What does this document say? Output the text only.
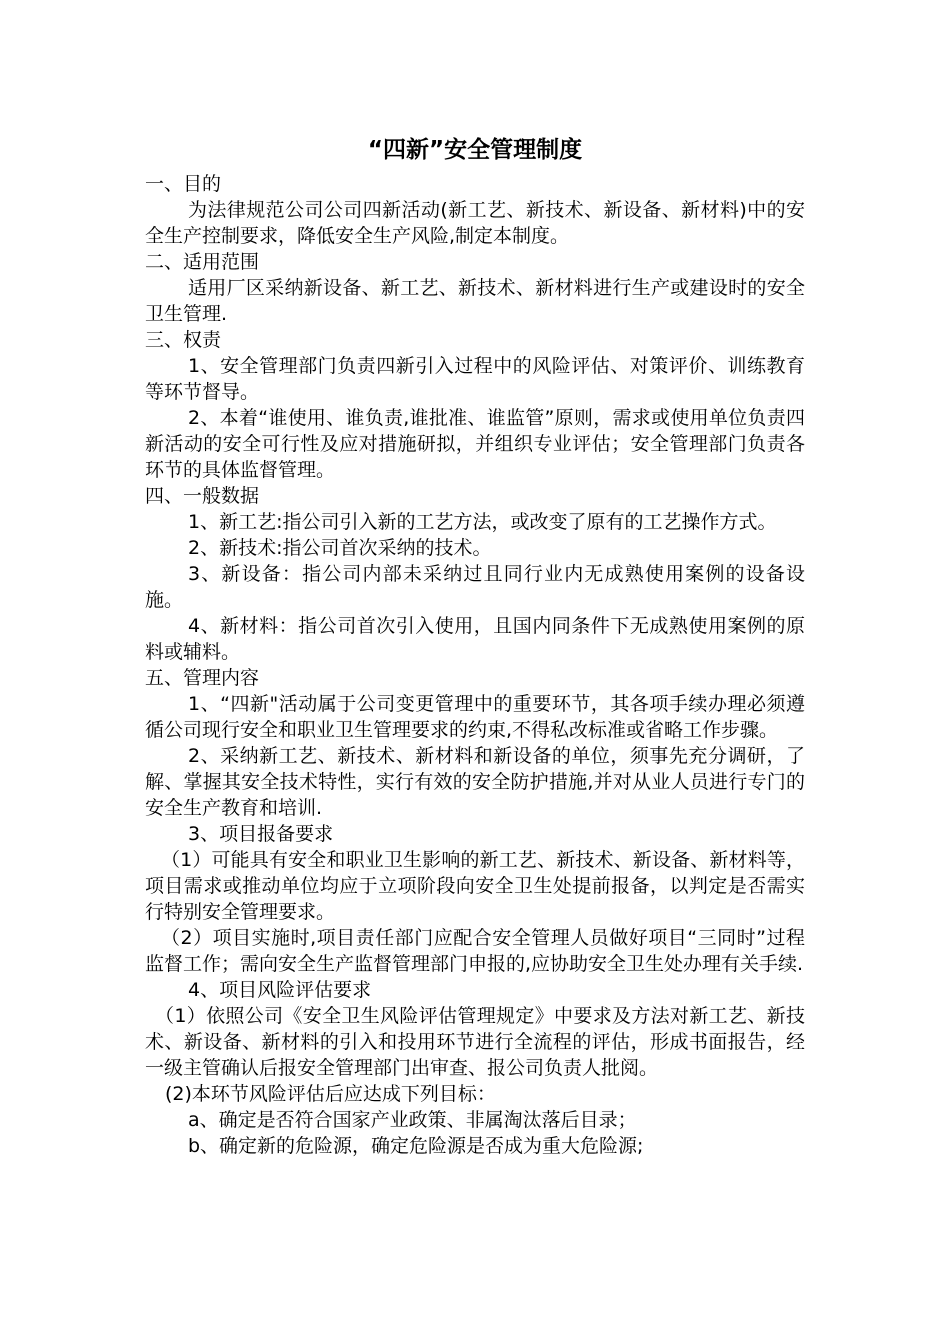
“四新”安全管理制度

一、目的

为法律规范公司公司四新活动(新工艺、新技术、新设备、新材料)中的安全生产控制要求，降低安全生产风险,制定本制度。

二、适用范围

适用厂区采纳新设备、新工艺、新技术、新材料进行生产或建设时的安全卫生管理.

三、权责

1、安全管理部门负责四新引入过程中的风险评估、对策评价、训练教育等环节督导。

2、本着“谁使用、谁负责,谁批准、谁监管”原则，需求或使用单位负责四新活动的安全可行性及应对措施研拟，并组织专业评估；安全管理部门负责各环节的具体监督管理。

四、一般数据

1、新工艺:指公司引入新的工艺方法，或改变了原有的工艺操作方式。

2、新技术:指公司首次采纳的技术。

3、新设备：指公司内部未采纳过且同行业内无成熟使用案例的设备设施。

4、新材料：指公司首次引入使用，且国内同条件下无成熟使用案例的原料或辅料。

五、管理内容

1、“四新"活动属于公司变更管理中的重要环节，其各项手续办理必须遵循公司现行安全和职业卫生管理要求的约束,不得私改标准或省略工作步骤。

2、采纳新工艺、新技术、新材料和新设备的单位，须事先充分调研，了解、掌握其安全技术特性，实行有效的安全防护措施,并对从业人员进行专门的安全生产教育和培训.

3、项目报备要求

（1）可能具有安全和职业卫生影响的新工艺、新技术、新设备、新材料等，项目需求或推动单位均应于立项阶段向安全卫生处提前报备，以判定是否需实行特别安全管理要求。

（2）项目实施时,项目责任部门应配合安全管理人员做好项目“三同时”过程监督工作；需向安全生产监督管理部门申报的,应协助安全卫生处办理有关手续.

4、项目风险评估要求

（1）依照公司《安全卫生风险评估管理规定》中要求及方法对新工艺、新技术、新设备、新材料的引入和投用环节进行全流程的评估，形成书面报告，经一级主管确认后报安全管理部门出审查、报公司负责人批阅。

(2)本环节风险评估后应达成下列目标：

a、确定是否符合国家产业政策、非属淘汰落后目录；

b、确定新的危险源，确定危险源是否成为重大危险源;
